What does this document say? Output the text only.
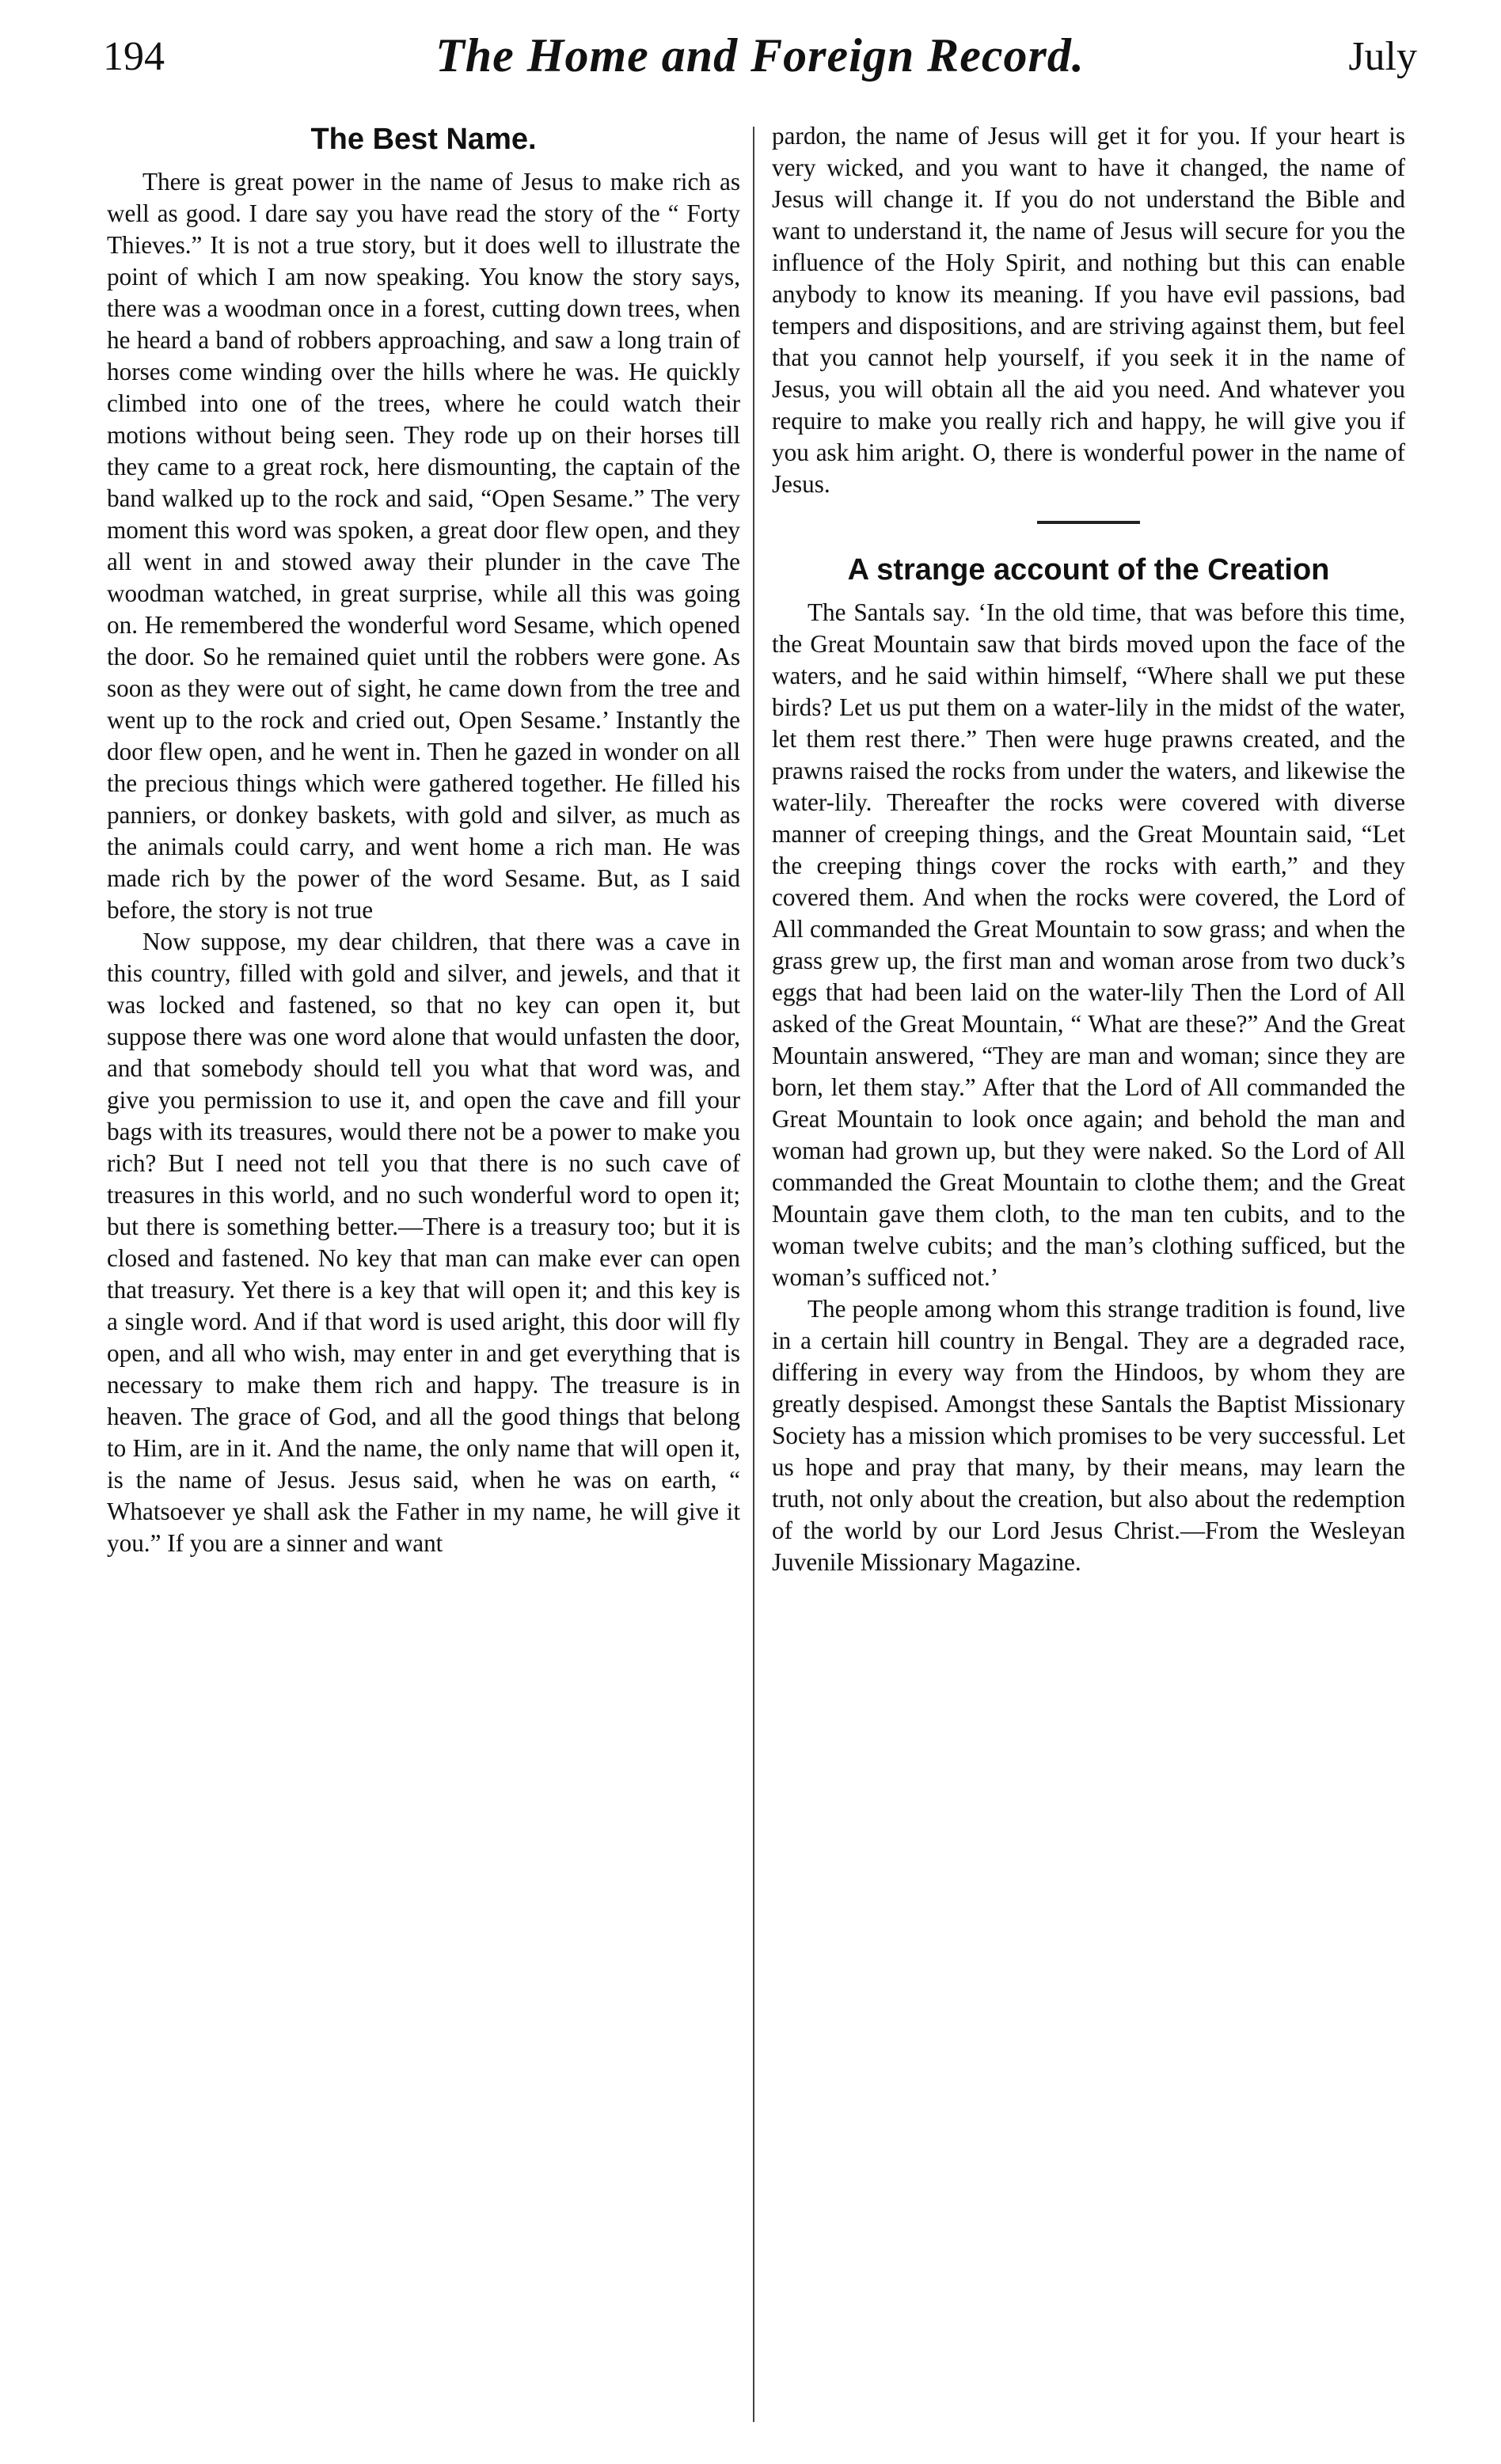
194	The Home and Foreign Record.	July
The Best Name.

There is great power in the name of Jesus to make rich as well as good. I dare say you have read the story of the “ Forty Thieves.” It is not a true story, but it does well to illustrate the point of which I am now speaking. You know the story says, there was a woodman once in a forest, cutting down trees, when he heard a band of robbers approaching, and saw a long train of horses come winding over the hills where he was. He quickly climbed into one of the trees, where he could watch their motions without being seen. They rode up on their horses till they came to a great rock, here dismounting, the captain of the band walked up to the rock and said, “Open Sesame.” The very moment this word was spoken, a great door flew open, and they all went in and stowed away their plunder in the cave The woodman watched, in great surprise, while all this was going on. He remembered the wonderful word Sesame, which opened the door. So he remained quiet until the robbers were gone. As soon as they were out of sight, he came down from the tree and went up to the rock and cried out, Open Sesame.’ Instantly the door flew open, and he went in. Then he gazed in wonder on all the precious things which were gathered together. He filled his panniers, or donkey baskets, with gold and silver, as much as the animals could carry, and went home a rich man. He was made rich by the power of the word Sesame. But, as I said before, the story is not true

Now suppose, my dear children, that there was a cave in this country, filled with gold and silver, and jewels, and that it was locked and fastened, so that no key can open it, but suppose there was one word alone that would unfasten the door, and that somebody should tell you what that word was, and give you permission to use it, and open the cave and fill your bags with its treasures, would there not be a power to make you rich? But I need not tell you that there is no such cave of treasures in this world, and no such wonderful word to open it; but there is something better.—There is a treasury too; but it is closed and fastened. No key that man can make ever can open that treasury. Yet there is a key that will open it; and this key is a single word. And if that word is used aright, this door will fly open, and all who wish, may enter in and get everything that is necessary to make them rich and happy. The treasure is in heaven. The grace of God, and all the good things that belong to Him, are in it. And the name, the only name that will open it, is the name of Jesus. Jesus said, when he was on earth, “ Whatsoever ye shall ask the Father in my name, he will give it you.” If you are a sinner and want

pardon, the name of Jesus will get it for you. If your heart is very wicked, and you want to have it changed, the name of Jesus will change it. If you do not understand the Bible and want to understand it, the name of Jesus will secure for you the influence of the Holy Spirit, and nothing but this can enable anybody to know its meaning. If you have evil passions, bad tempers and dispositions, and are striving against them, but feel that you cannot help yourself, if you seek it in the name of Jesus, you will obtain all the aid you need. And whatever you require to make you really rich and happy, he will give you if you ask him aright. O, there is wonderful power in the name of Jesus.

A strange account of the Creation

The Santals say. ‘In the old time, that was before this time, the Great Mountain saw that birds moved upon the face of the waters, and he said within himself, “Where shall we put these birds? Let us put them on a water-lily in the midst of the water, let them rest there.” Then were huge prawns created, and the prawns raised the rocks from under the waters, and likewise the water-lily. Thereafter the rocks were covered with diverse manner of creeping things, and the Great Mountain said, “Let the creeping things cover the rocks with earth,” and they covered them. And when the rocks were covered, the Lord of All commanded the Great Mountain to sow grass; and when the grass grew up, the first man and woman arose from two duck’s eggs that had been laid on the water-lily Then the Lord of All asked of the Great Mountain, “ What are these?” And the Great Mountain answered, “They are man and woman; since they are born, let them stay.” After that the Lord of All commanded the Great Mountain to look once again; and behold the man and woman had grown up, but they were naked. So the Lord of All commanded the Great Mountain to clothe them; and the Great Mountain gave them cloth, to the man ten cubits, and to the woman twelve cubits; and the man’s clothing sufficed, but the woman’s sufficed not.’

The people among whom this strange tradition is found, live in a certain hill country in Bengal. They are a degraded race, differing in every way from the Hindoos, by whom they are greatly despised. Amongst these Santals the Baptist Missionary Society has a mission which promises to be very successful. Let us hope and pray that many, by their means, may learn the truth, not only about the creation, but also about the redemption of the world by our Lord Jesus Christ.—From the Wesleyan Juvenile Missionary Magazine.
